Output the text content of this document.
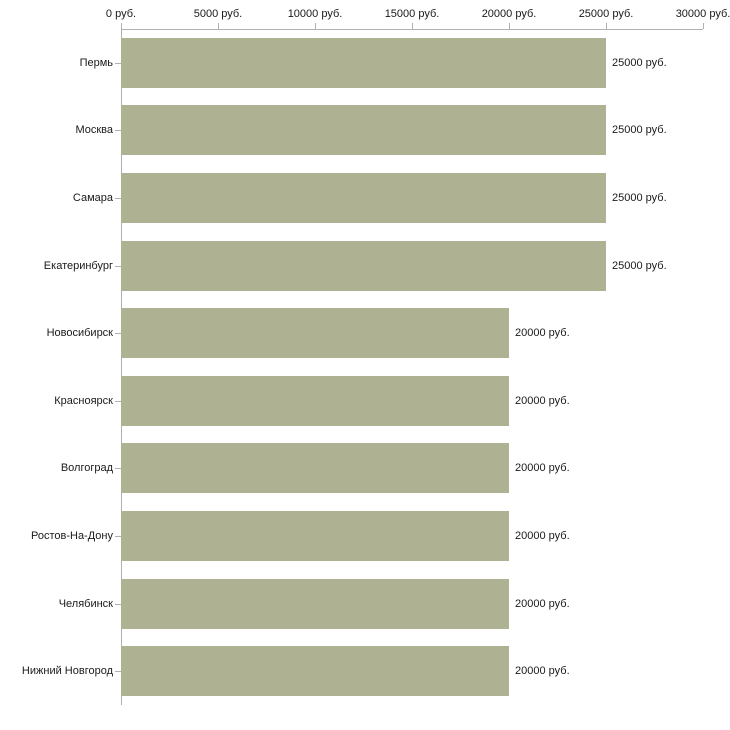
0 руб.	5000 руб.	10000 руб.	15000 руб.	20000 руб.	25000 руб.	30000 руб.
25000 руб.
25000 руб.
25000 руб.
25000 руб.
20000 руб.
20000 руб.
20000 руб.
20000 руб.
20000 руб.
20000 руб.
Пермь
Москва
Самара
Екатеринбург
Новосибирск
Красноярск
Волгоград
Ростов-На-Дону
Челябинск
Нижний Новгород
